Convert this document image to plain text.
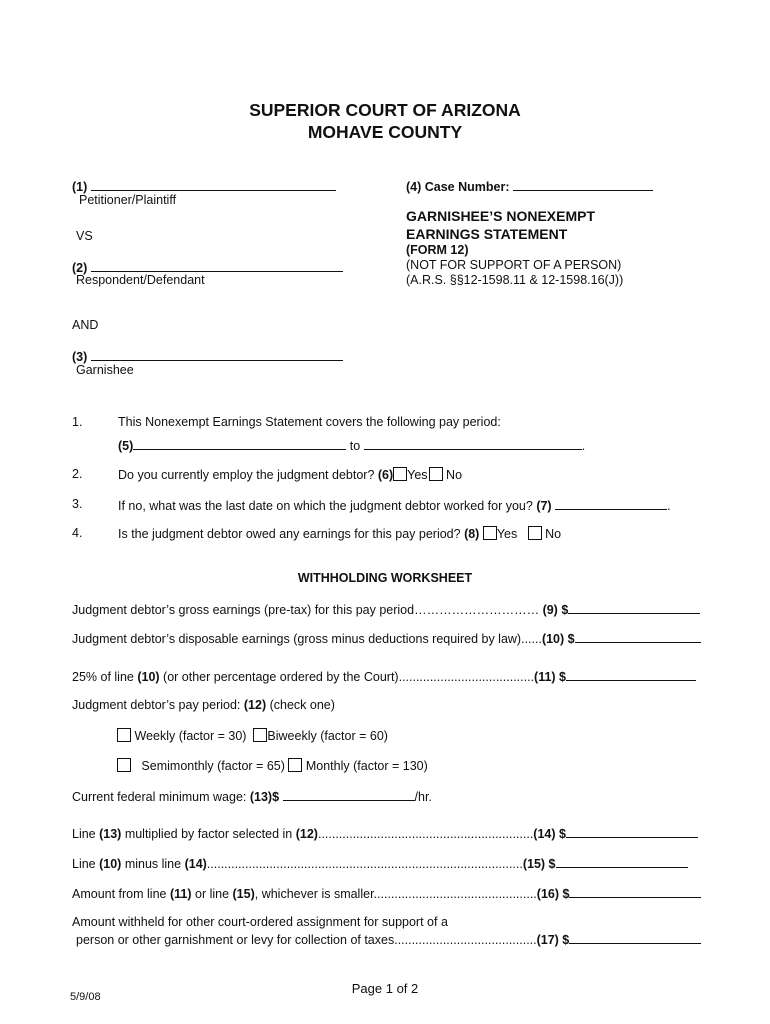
SUPERIOR COURT OF ARIZONA
MOHAVE COUNTY
(1)
Petitioner/Plaintiff
VS
(2)
Respondent/Defendant
AND
(3)
Garnishee
(4) Case Number:
GARNISHEE’S NONEXEMPT
EARNINGS STATEMENT
(FORM 12)
(NOT FOR SUPPORT OF A PERSON)
(A.R.S. §§12-1598.11 & 12-1598.16(J))
1.	This Nonexempt Earnings Statement covers the following pay period:
(5)	to	.
2.	Do you currently employ the judgment debtor? (6) Yes No
3.	If no, what was the last date on which the judgment debtor worked for you? (7)	.
4.	Is the judgment debtor owed any earnings for this pay period? (8) Yes No
WITHHOLDING WORKSHEET
Judgment debtor’s gross earnings (pre-tax) for this pay period………………………… (9) $
Judgment debtor’s disposable earnings (gross minus deductions required by law)......(10) $
25% of line (10) (or other percentage ordered by the Court).......................................(11) $
Judgment debtor’s pay period: (12) (check one)
Weekly (factor = 30) Biweekly (factor = 60)
Semimonthly (factor = 65) Monthly (factor = 130)
Current federal minimum wage: (13)$	/hr.
Line (13) multiplied by factor selected in (12)..............................................................(14) $
Line (10) minus line (14)...........................................................................................(15) $
Amount from line (11) or line (15), whichever is smaller...............................................(16) $
Amount withheld for other court-ordered assignment for support of a
person or other garnishment or levy for collection of taxes.........................................(17) $
Page 1 of 2
5/9/08
